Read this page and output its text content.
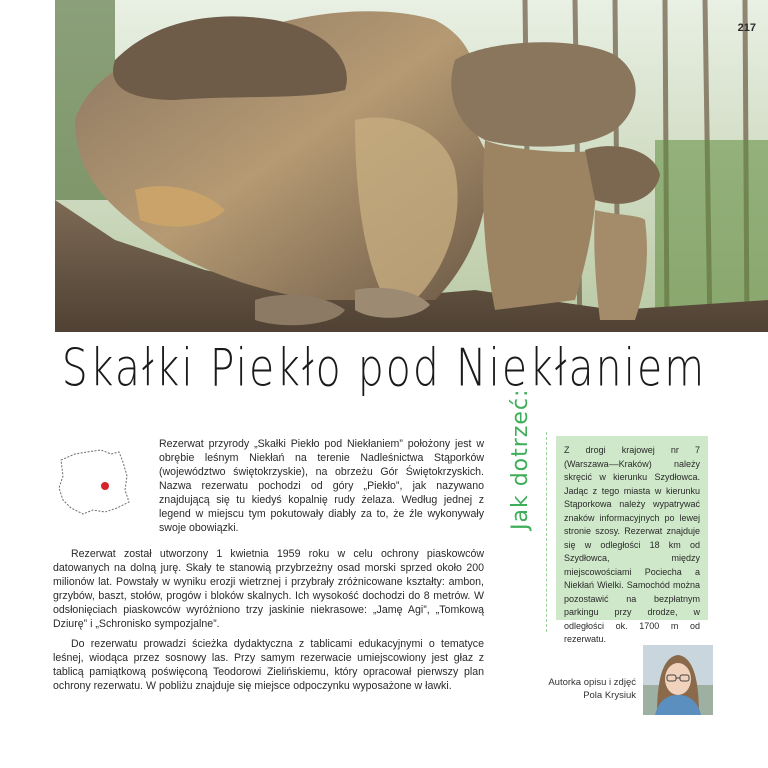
217
Skałki Piekło pod Niekłaniem
Rezerwat przyrody „Skałki Piekło pod Niekłaniem” położony jest w obrębie leśnym Niekłań na terenie Nadleśnictwa Stąporków (województwo świętokrzyskie), na obrzeżu Gór Świętokrzyskich. Nazwa rezerwatu pochodzi od góry „Piekło”, jak nazywano znajdującą się tu kiedyś kopalnię rudy żelaza. Według jednej z legend w miejscu tym pokutowały diabły za to, że źle wykonywały swoje obowiązki.
Rezerwat został utworzony 1 kwietnia 1959 roku w celu ochrony piaskowców datowanych na dolną jurę. Skały te stanowią przybrzeżny osad morski sprzed około 200 milionów lat. Powstały w wyniku erozji wietrznej i przybrały zróżnicowane kształty: ambon, grzybów, baszt, stołów, progów i bloków skalnych. Ich wysokość dochodzi do 8 metrów. W odsłonięciach piaskowców wyróżniono trzy jaskinie niekrasowe: „Jamę Agi”, „Tomkową Dziurę” i „Schronisko sympozjalne”.
Do rezerwatu prowadzi ścieżka dydaktyczna z tablicami edukacyjnymi o tematyce leśnej, wiodąca przez sosnowy las. Przy samym rezerwacie umiejscowiony jest głaz z tablicą pamiątkową poświęconą Teodorowi Zielińskiemu, który opracował pierwszy plan ochrony rezerwatu. W pobliżu znajduje się miejsce odpoczynku wyposażone w ławki.
Jak dotrzeć:	Z drogi krajowej nr 7 (Warszawa––Kraków) należy skręcić w kierunku Szydłowca. Jadąc z tego miasta w kierunku Stąporkowa należy wypatrywać znaków informacyjnych po lewej stronie szosy. Rezerwat znajduje się w odległości 18 km od Szydłowca, między miejscowościami Pociecha a Niekłań Wielki. Samochód można pozostawić na bezpłatnym parkingu przy drodze, w odległości ok. 1700 m od rezerwatu.
Autorka opisu i zdjęć
Pola Krysiuk
